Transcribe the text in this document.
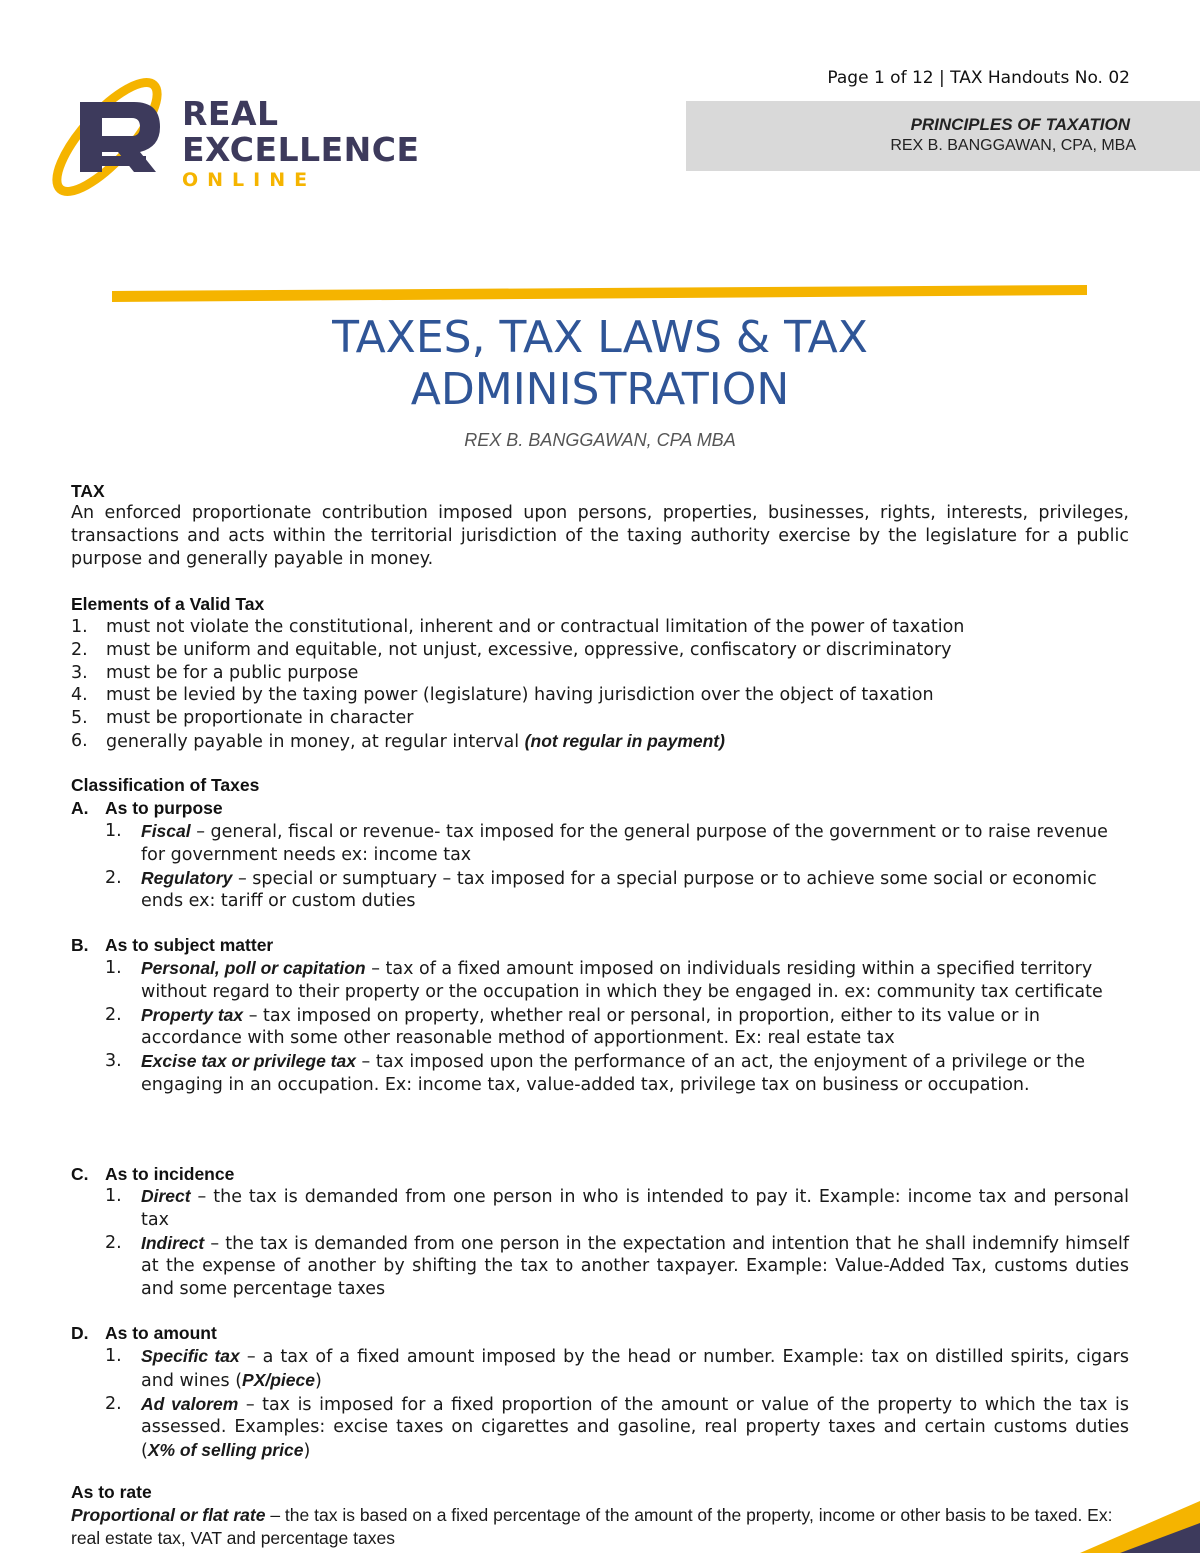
REAL
EXCELLENCE
ONLINE
Page 1 of 12 | TAX Handouts No. 02
PRINCIPLES OF TAXATION
REX B. BANGGAWAN, CPA, MBA
TAXES, TAX LAWS & TAX
ADMINISTRATION
REX B. BANGGAWAN, CPA MBA
TAX
An enforced proportionate contribution imposed upon persons, properties, businesses, rights, interests, privileges, transactions and acts within the territorial jurisdiction of the taxing authority exercise by the legislature for a public purpose and generally payable in money.
Elements of a Valid Tax
1. must not violate the constitutional, inherent and or contractual limitation of the power of taxation
2. must be uniform and equitable, not unjust, excessive, oppressive, confiscatory or discriminatory
3. must be for a public purpose
4. must be levied by the taxing power (legislature) having jurisdiction over the object of taxation
5. must be proportionate in character
6. generally payable in money, at regular interval (not regular in payment)
Classification of Taxes
A. As to purpose
1. Fiscal – general, fiscal or revenue- tax imposed for the general purpose of the government or to raise revenue for government needs ex: income tax
2. Regulatory – special or sumptuary – tax imposed for a special purpose or to achieve some social or economic ends ex: tariff or custom duties
B. As to subject matter
1. Personal, poll or capitation – tax of a fixed amount imposed on individuals residing within a specified territory without regard to their property or the occupation in which they be engaged in. ex: community tax certificate
2. Property tax – tax imposed on property, whether real or personal, in proportion, either to its value or in accordance with some other reasonable method of apportionment. Ex: real estate tax
3. Excise tax or privilege tax – tax imposed upon the performance of an act, the enjoyment of a privilege or the engaging in an occupation. Ex: income tax, value-added tax, privilege tax on business or occupation.
C. As to incidence
1. Direct – the tax is demanded from one person in who is intended to pay it. Example: income tax and personal tax
2. Indirect – the tax is demanded from one person in the expectation and intention that he shall indemnify himself at the expense of another by shifting the tax to another taxpayer. Example: Value-Added Tax, customs duties and some percentage taxes
D. As to amount
1. Specific tax – a tax of a fixed amount imposed by the head or number. Example: tax on distilled spirits, cigars and wines (PX/piece)
2. Ad valorem – tax is imposed for a fixed proportion of the amount or value of the property to which the tax is assessed. Examples: excise taxes on cigarettes and gasoline, real property taxes and certain customs duties (X% of selling price)
As to rate
Proportional or flat rate – the tax is based on a fixed percentage of the amount of the property, income or other basis to be taxed. Ex: real estate tax, VAT and percentage taxes
